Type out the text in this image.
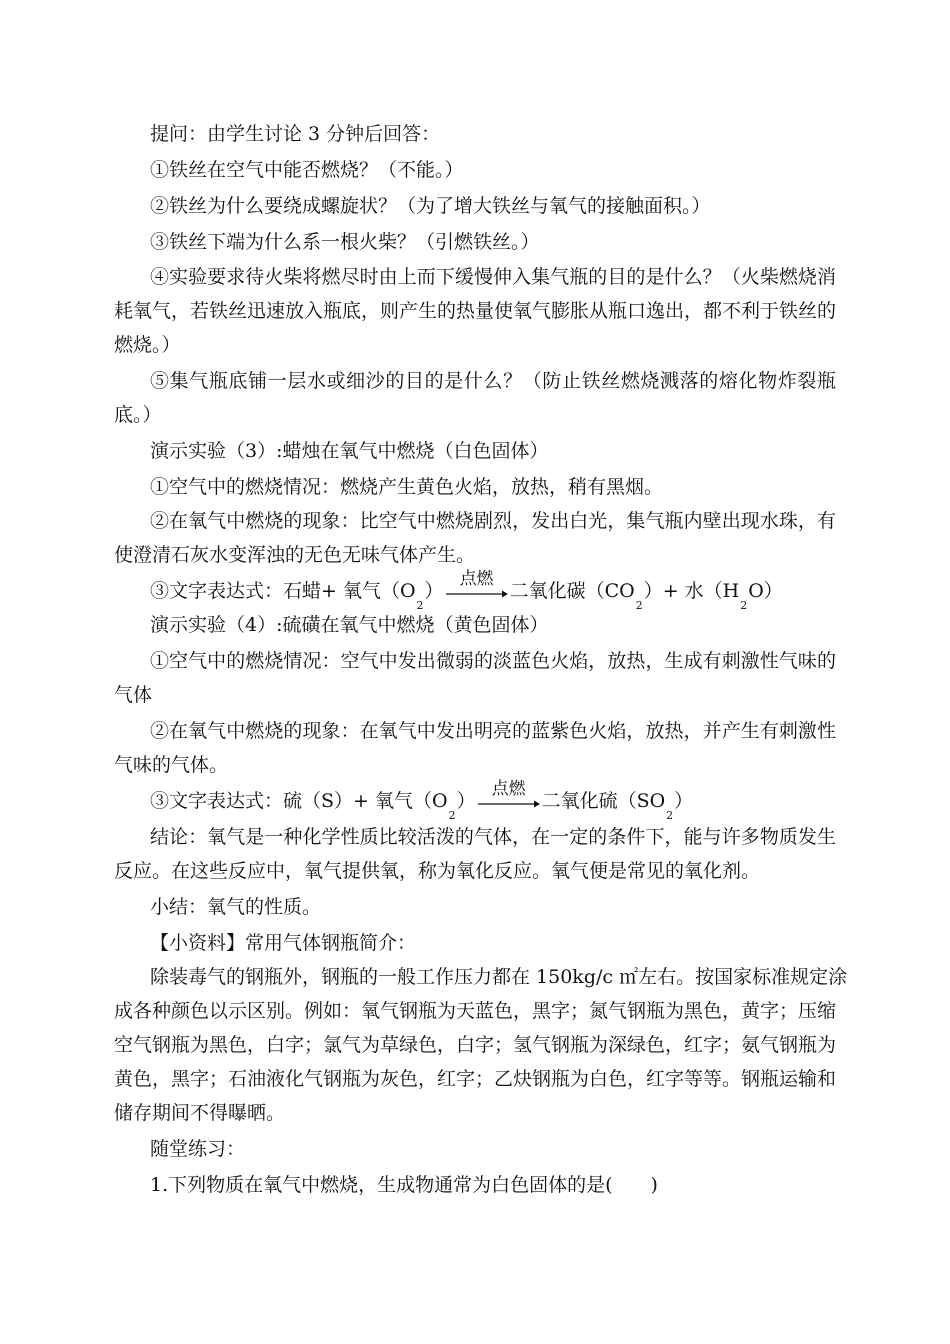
提问：由学生讨论 3 分钟后回答：
①铁丝在空气中能否燃烧？（不能。）
②铁丝为什么要绕成螺旋状？（为了增大铁丝与氧气的接触面积。）
③铁丝下端为什么系一根火柴？（引燃铁丝。）
④实验要求待火柴将燃尽时由上而下缓慢伸入集气瓶的目的是什么？（火柴燃烧消
耗氧气，若铁丝迅速放入瓶底，则产生的热量使氧气膨胀从瓶口逸出，都不利于铁丝的
燃烧。）
⑤集气瓶底铺一层水或细沙的目的是什么？（防止铁丝燃烧溅落的熔化物炸裂瓶
底。）
演示实验（3）:蜡烛在氧气中燃烧（白色固体）
①空气中的燃烧情况：燃烧产生黄色火焰，放热，稍有黑烟。
②在氧气中燃烧的现象：比空气中燃烧剧烈，发出白光，集气瓶内壁出现水珠，有
使澄清石灰水变浑浊的无色无味气体产生。
③文字表达式：石蜡+ 氧气（O2）
点燃
二氧化碳（CO2）+ 水（H2O）
演示实验（4）:硫磺在氧气中燃烧（黄色固体）
①空气中的燃烧情况：空气中发出微弱的淡蓝色火焰，放热，生成有刺激性气味的
气体
②在氧气中燃烧的现象：在氧气中发出明亮的蓝紫色火焰，放热，并产生有刺激性
气味的气体。
③文字表达式：硫（S）+ 氧气（O2）
点燃
二氧化硫（SO2）
结论：氧气是一种化学性质比较活泼的气体，在一定的条件下，能与许多物质发生
反应。在这些反应中，氧气提供氧，称为氧化反应。氧气便是常见的氧化剂。
小结：氧气的性质。
【小资料】常用气体钢瓶简介：
除装毒气的钢瓶外，钢瓶的一般工作压力都在 150kg/c ㎡左右。按国家标准规定涂
成各种颜色以示区别。例如：氧气钢瓶为天蓝色，黑字；氮气钢瓶为黑色，黄字；压缩
空气钢瓶为黑色，白字；氯气为草绿色，白字；氢气钢瓶为深绿色，红字；氨气钢瓶为
黄色，黑字；石油液化气钢瓶为灰色，红字；乙炔钢瓶为白色，红字等等。钢瓶运输和
储存期间不得曝晒。
随堂练习：
1.下列物质在氧气中燃烧，生成物通常为白色固体的是(　　)
